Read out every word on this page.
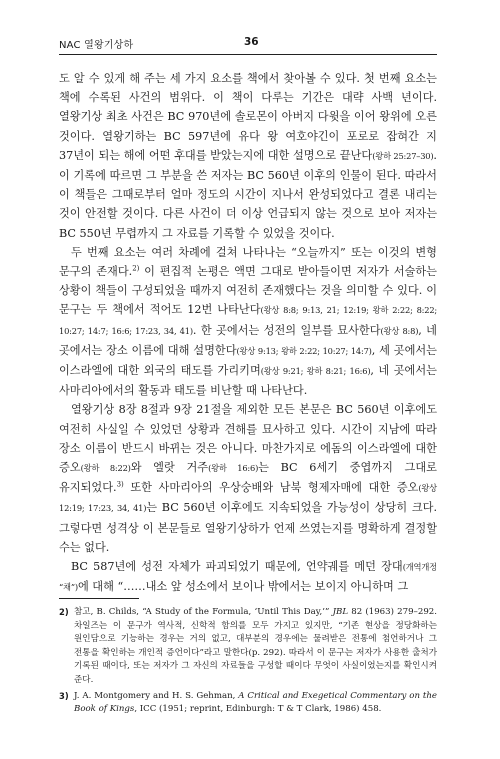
NAC 열왕기상하	36

도 알 수 있게 해 주는 세 가지 요소를 책에서 찾아볼 수 있다. 첫 번째 요소는 책에 수록된 사건의 범위다. 이 책이 다루는 기간은 대략 사백 년이다. 열왕기상 최초 사건은 BC 970년에 솔로몬이 아버지 다윗을 이어 왕위에 오른 것이다. 열왕기하는 BC 597년에 유다 왕 여호야긴이 포로로 잡혀간 지 37년이 되는 해에 어떤 후대를 받았는지에 대한 설명으로 끝난다(왕하 25:27–30). 이 기록에 따르면 그 부분을 쓴 저자는 BC 560년 이후의 인물이 된다. 따라서 이 책들은 그때로부터 얼마 정도의 시간이 지나서 완성되었다고 결론 내리는 것이 안전할 것이다. 다른 사건이 더 이상 언급되지 않는 것으로 보아 저자는 BC 550년 무렵까지 그 자료를 기록할 수 있었을 것이다.

두 번째 요소는 여러 차례에 걸쳐 나타나는 “오늘까지” 또는 이것의 변형 문구의 존재다.$^{2)}$ 이 편집적 논평은 액면 그대로 받아들이면 저자가 서술하는 상황이 책들이 구성되었을 때까지 여전히 존재했다는 것을 의미할 수 있다. 이 문구는 두 책에서 적어도 12번 나타난다(왕상 8:8; 9:13, 21; 12:19; 왕하 2:22; 8:22; 10:27; 14:7; 16:6; 17:23, 34, 41). 한 곳에서는 성전의 일부를 묘사한다(왕상 8:8), 네 곳에서는 장소 이름에 대해 설명한다(왕상 9:13; 왕하 2:22; 10:27; 14:7), 세 곳에서는 이스라엘에 대한 외국의 태도를 가리키며(왕상 9:21; 왕하 8:21; 16:6), 네 곳에서는 사마리아에서의 활동과 태도를 비난할 때 나타난다.

열왕기상 8장 8절과 9장 21절을 제외한 모든 본문은 BC 560년 이후에도 여전히 사실일 수 있었던 상황과 견해를 묘사하고 있다. 시간이 지남에 따라 장소 이름이 반드시 바뀌는 것은 아니다. 마찬가지로 에돔의 이스라엘에 대한 증오(왕하 8:22)와 엘랏 거주(왕하 16:6)는 BC 6세기 중엽까지 그대로 유지되었다.$^{3)}$ 또한 사마리아의 우상숭배와 남북 형제자매에 대한 증오(왕상 12:19; 17:23, 34, 41)는 BC 560년 이후에도 지속되었을 가능성이 상당히 크다. 그렇다면 성격상 이 본문들로 열왕기상하가 언제 쓰였는지를 명확하게 결정할 수는 없다.

BC 587년에 성전 자체가 파괴되었기 때문에, 언약궤를 메던 장대(개역개정 “채”)에 대해 “……내소 앞 성소에서 보이나 밖에서는 보이지 아니하며 그

2) 참고, B. Childs, “A Study of the Formula, ‘Until This Day,’” JBL 82 (1963) 279–292. 차일즈는 이 문구가 역사적, 신학적 함의를 모두 가지고 있지만, “기존 현상을 정당화하는 원인담으로 기능하는 경우는 거의 없고, 대부분의 경우에는 물려받은 전통에 첨언하거나 그 전통을 확인하는 개인적 증언이다”라고 말한다(p. 292). 따라서 이 문구는 저자가 사용한 출처가 기록된 때이다, 또는 저자가 그 자신의 자료들을 구성할 때이다 무엇이 사실이었는지를 확인시켜 준다.

3) J. A. Montgomery and H. S. Gehman, A Critical and Exegetical Commentary on the Book of Kings, ICC (1951; reprint, Edinburgh: T & T Clark, 1986) 458.
